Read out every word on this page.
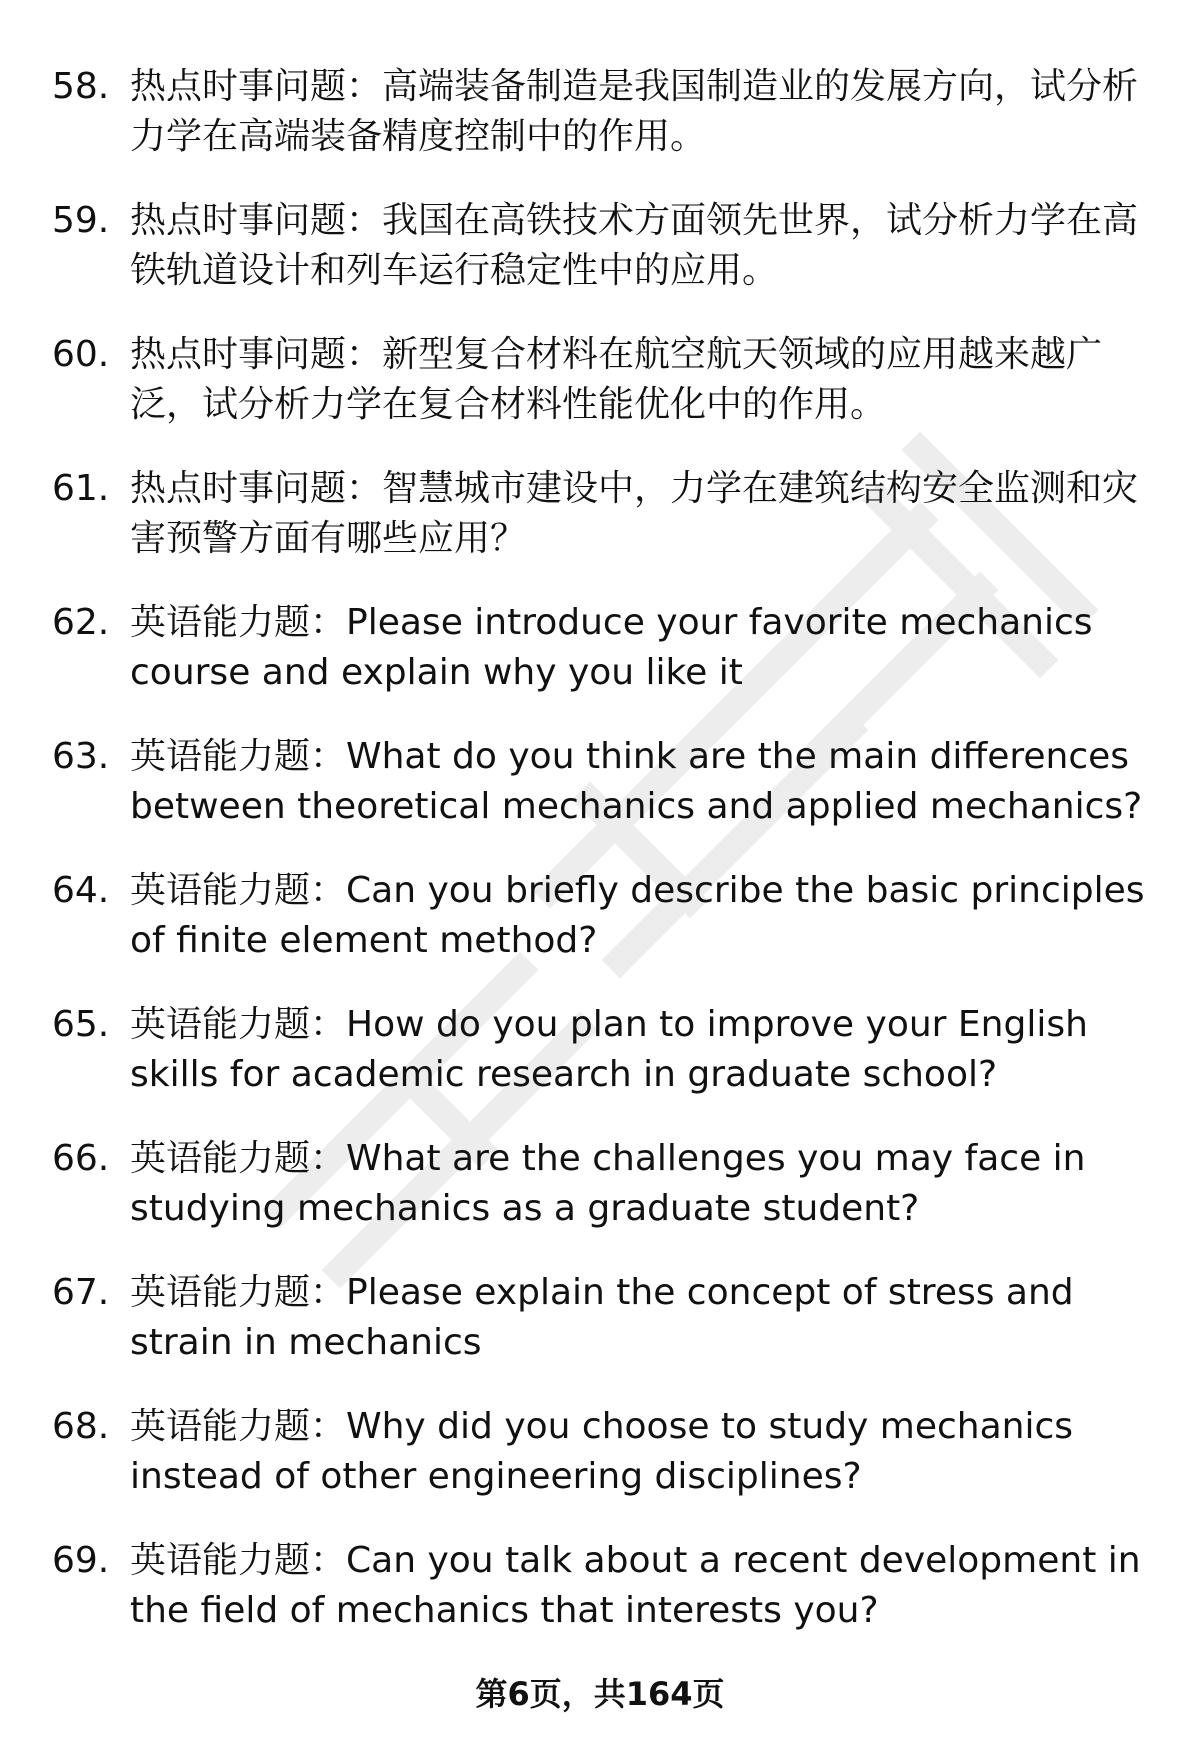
58. 热点时事问题：高端装备制造是我国制造业的发展方向，试分析力学在高端装备精度控制中的作用。
59. 热点时事问题：我国在高铁技术方面领先世界，试分析力学在高铁轨道设计和列车运行稳定性中的应用。
60. 热点时事问题：新型复合材料在航空航天领域的应用越来越广泛，试分析力学在复合材料性能优化中的作用。
61. 热点时事问题：智慧城市建设中，力学在建筑结构安全监测和灾害预警方面有哪些应用？
62. 英语能力题：Please introduce your favorite mechanics course and explain why you like it
63. 英语能力题：What do you think are the main differences between theoretical mechanics and applied mechanics?
64. 英语能力题：Can you briefly describe the basic principles of finite element method?
65. 英语能力题：How do you plan to improve your English skills for academic research in graduate school?
66. 英语能力题：What are the challenges you may face in studying mechanics as a graduate student?
67. 英语能力题：Please explain the concept of stress and strain in mechanics
68. 英语能力题：Why did you choose to study mechanics instead of other engineering disciplines?
69. 英语能力题：Can you talk about a recent development in the field of mechanics that interests you?
第6页，共164页
